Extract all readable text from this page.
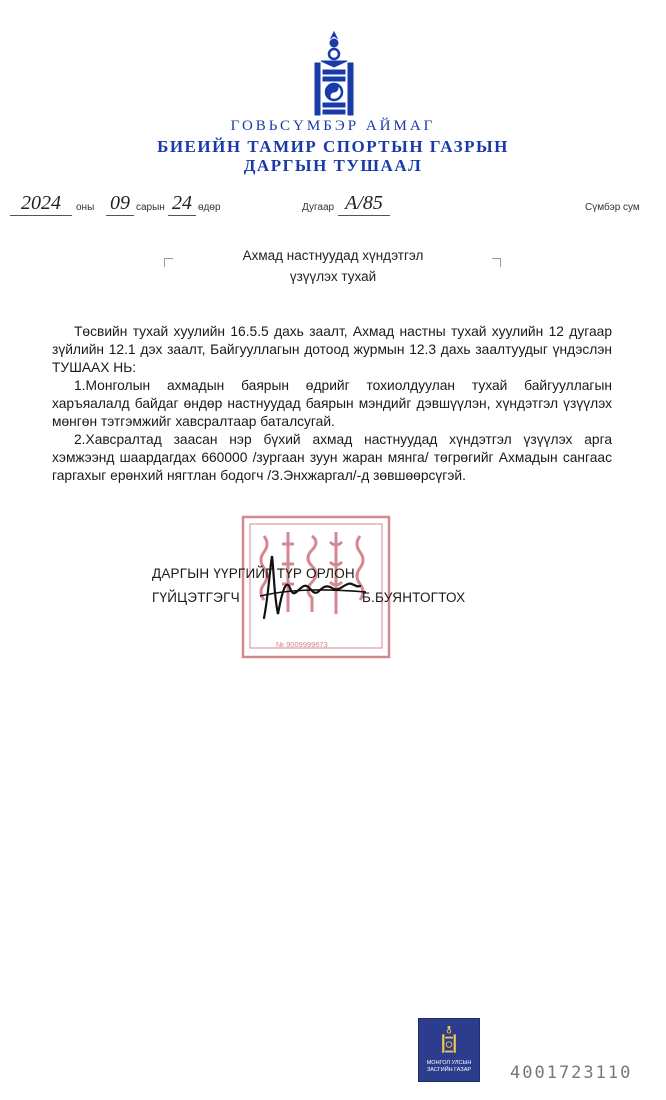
ГОВЬСҮМБЭР АЙМАГ
БИЕИЙН ТАМИР СПОРТЫН ГАЗРЫН
ДАРГЫН ТУШААЛ
2024	оны 09 сарын 24 өдөр	Дугаар А/85	Сүмбэр сум
Ахмад настнуудад хүндэтгэл
үзүүлэх тухай

Төсвийн тухай хуулийн 16.5.5 дахь заалт, Ахмад настны тухай хуулийн 12 дугаар зүйлийн 12.1 дэх заалт, Байгууллагын дотоод журмын 12.3 дахь заалтуудыг үндэслэн ТУШААХ НЬ:

1.Монголын ахмадын баярын өдрийг тохиолдуулан тухай байгууллагын харъяалалд байдаг өндөр настнуудад баярын мэндийг дэвшүүлэн, хүндэтгэл үзүүлэх мөнгөн тэтгэмжийг хавсралтаар баталсугай.

2.Хавсралтад заасан нэр бүхий ахмад настнуудад хүндэтгэл үзүүлэх арга хэмжээнд шаардагдах 660000 /зургаан зуун жаран мянга/ төгрөгийг Ахмадын сангаас гаргахыг ерөнхий нягтлан бодогч /З.Энхжаргал/-д зөвшөөрсүгэй.

№ 9009999673
ДАРГЫН ҮҮРГИЙГ ТҮР ОРЛОН
ГҮЙЦЭТГЭГЧ	Б.БУЯНТОГТОХ
МОНГОЛ УЛСЫН
ЗАСГИЙН ГАЗАР	4001723110
